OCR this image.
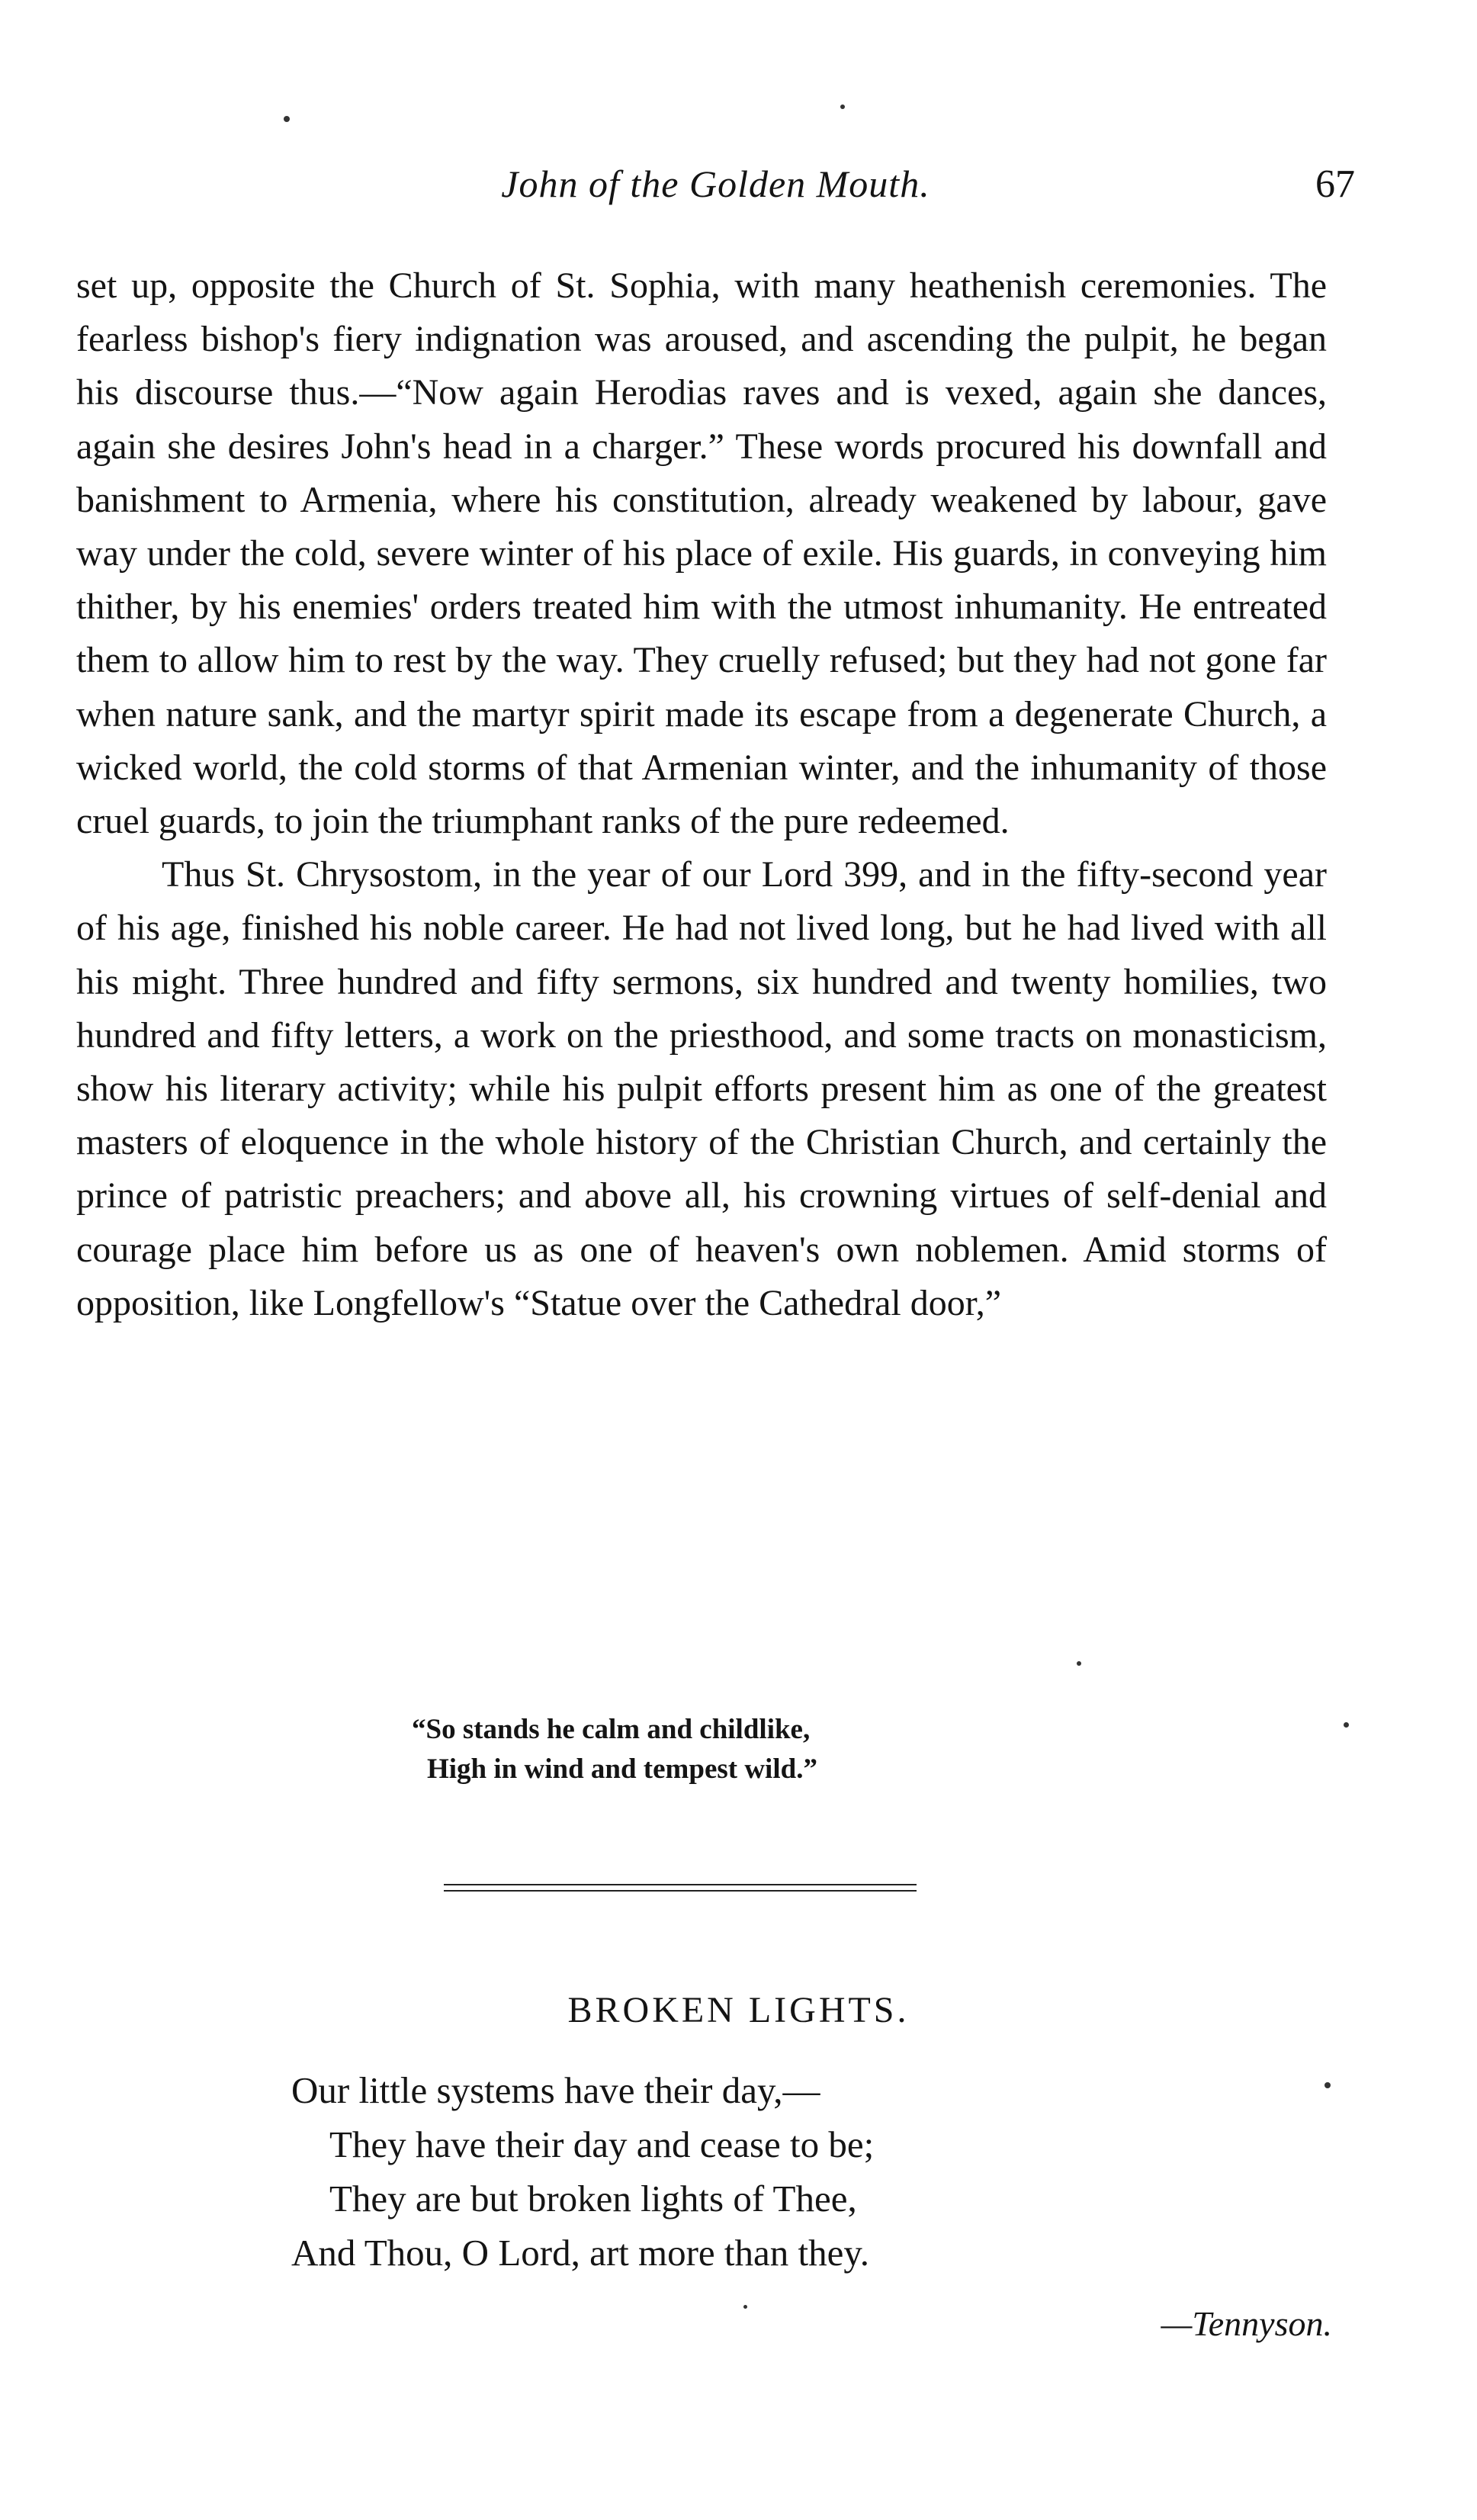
John of the Golden Mouth.	67

set up, opposite the Church of St. Sophia, with many heathenish ceremonies. The fearless bishop's fiery indignation was aroused, and ascending the pulpit, he began his discourse thus.—“Now again Herodias raves and is vexed, again she dances, again she desires John's head in a charger.” These words procured his downfall and banishment to Armenia, where his constitution, already weakened by labour, gave way under the cold, severe winter of his place of exile. His guards, in conveying him thither, by his enemies' orders treated him with the utmost inhumanity. He entreated them to allow him to rest by the way. They cruelly refused; but they had not gone far when nature sank, and the martyr spirit made its escape from a degenerate Church, a wicked world, the cold storms of that Armenian winter, and the inhumanity of those cruel guards, to join the triumphant ranks of the pure redeemed.

Thus St. Chrysostom, in the year of our Lord 399, and in the fifty-second year of his age, finished his noble career. He had not lived long, but he had lived with all his might. Three hundred and fifty sermons, six hundred and twenty homilies, two hundred and fifty letters, a work on the priesthood, and some tracts on monasticism, show his literary activity; while his pulpit efforts present him as one of the greatest masters of eloquence in the whole history of the Christian Church, and certainly the prince of patristic preachers; and above all, his crowning virtues of self-denial and courage place him before us as one of heaven's own noblemen. Amid storms of opposition, like Longfellow's “Statue over the Cathedral door,”

“So stands he calm and childlike,
High in wind and tempest wild.”
BROKEN LIGHTS.
Our little systems have their day,—
They have their day and cease to be;
They are but broken lights of Thee,
And Thou, O Lord, art more than they.
—Tennyson.
